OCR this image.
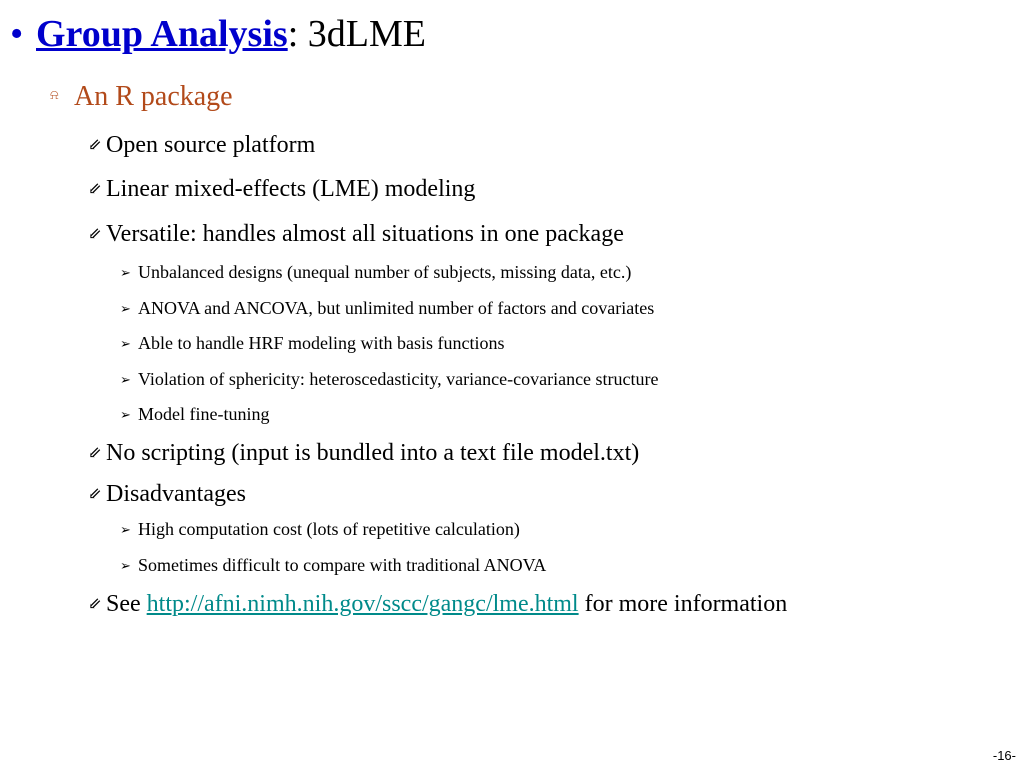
• Group Analysis: 3dLME
⍾ An R package
⇙ Open source platform
⇙ Linear mixed-effects (LME) modeling
⇙ Versatile: handles almost all situations in one package
➢ Unbalanced designs (unequal number of subjects, missing data, etc.)
➢ ANOVA and ANCOVA, but unlimited number of factors and covariates
➢ Able to handle HRF modeling with basis functions
➢ Violation of sphericity: heteroscedasticity, variance-covariance structure
➢ Model fine-tuning
⇙ No scripting (input is bundled into a text file model.txt)
⇙ Disadvantages
➢ High computation cost (lots of repetitive calculation)
➢ Sometimes difficult to compare with traditional ANOVA
⇙ See http://afni.nimh.nih.gov/sscc/gangc/lme.html for more information
-16-
